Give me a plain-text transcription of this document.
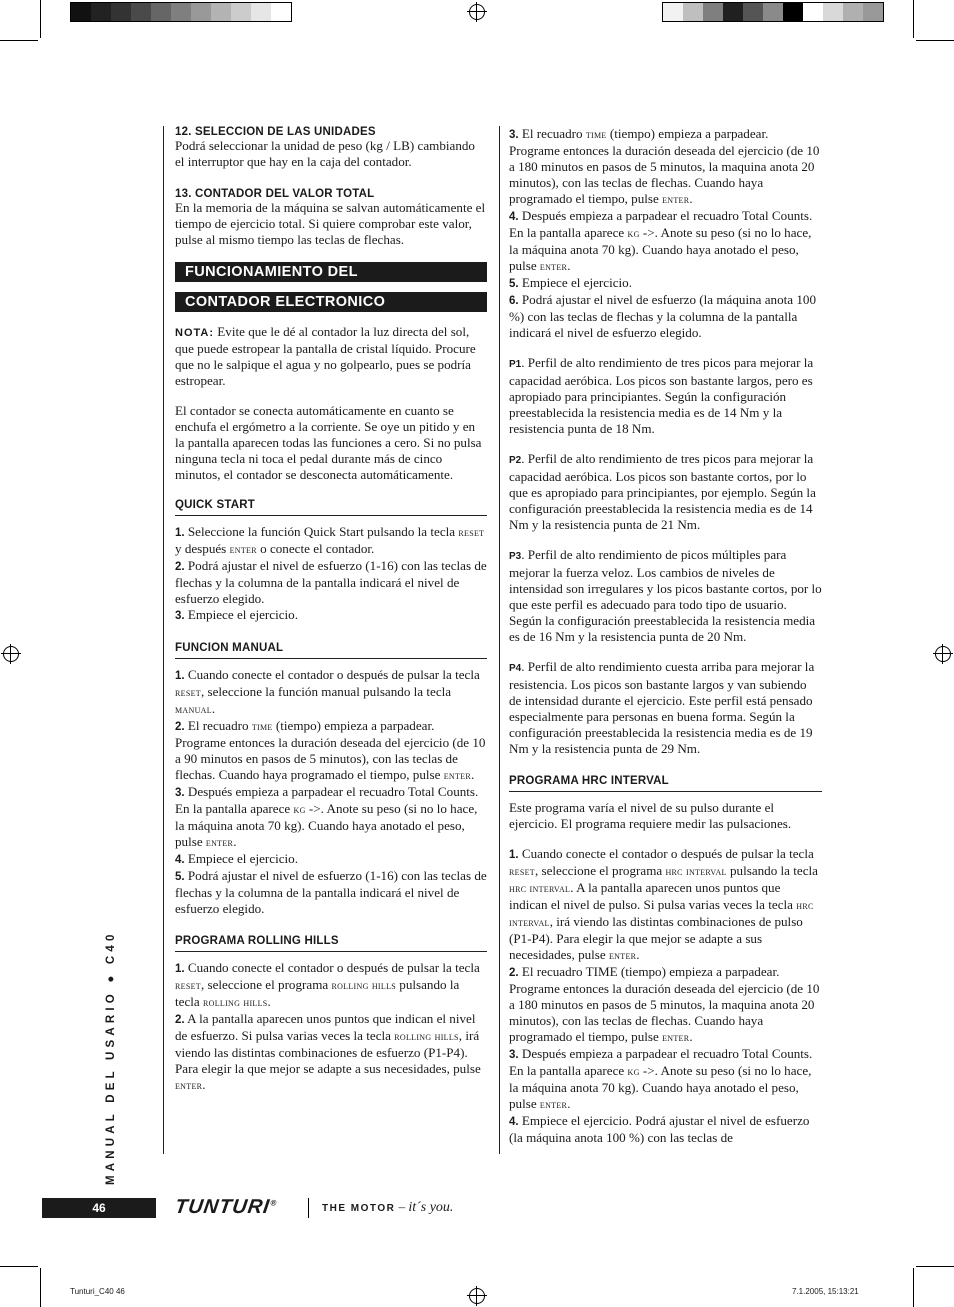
12. SELECCION DE LAS UNIDADES

Podrá seleccionar la unidad de peso (kg / LB) cambiando el interruptor que hay en la caja del contador.

13. CONTADOR DEL VALOR TOTAL

En la memoria de la máquina se salvan automáticamente el tiempo de ejercicio total. Si quiere comprobar este valor, pulse al mismo tiempo las teclas de flechas.

FUNCIONAMIENTO DEL
CONTADOR ELECTRONICO

NOTA: Evite que le dé al contador la luz directa del sol, que puede estropear la pantalla de cristal líquido. Procure que no le salpique el agua y no golpearlo, pues se podría estropear.

El contador se conecta automáticamente en cuanto se enchufa el ergómetro a la corriente. Se oye un pitido y en la pantalla aparecen todas las funciones a cero. Si no pulsa ninguna tecla ni toca el pedal durante más de cinco minutos, el contador se desconecta automáticamente.

QUICK START

1. Seleccione la función Quick Start pulsando la tecla reset y después enter o conecte el contador.

2. Podrá ajustar el nivel de esfuerzo (1-16) con las teclas de flechas y la columna de la pantalla indicará el nivel de esfuerzo elegido.

3. Empiece el ejercicio.

FUNCION MANUAL

1. Cuando conecte el contador o después de pulsar la tecla reset, seleccione la función manual pulsando la tecla manual.

2. El recuadro time (tiempo) empieza a parpadear. Programe entonces la duración deseada del ejercicio (de 10 a 90 minutos en pasos de 5 minutos), con las teclas de flechas. Cuando haya programado el tiempo, pulse enter.

3. Después empieza a parpadear el recuadro Total Counts. En la pantalla aparece kg ->. Anote su peso (si no lo hace, la máquina anota 70 kg). Cuando haya anotado el peso, pulse enter.

4. Empiece el ejercicio.

5. Podrá ajustar el nivel de esfuerzo (1-16) con las teclas de flechas y la columna de la pantalla indicará el nivel de esfuerzo elegido.

PROGRAMA ROLLING HILLS

1. Cuando conecte el contador o después de pulsar la tecla reset, seleccione el programa rolling hills pulsando la tecla rolling hills.

2. A la pantalla aparecen unos puntos que indican el nivel de esfuerzo. Si pulsa varias veces la tecla rolling hills, irá viendo las distintas combinaciones de esfuerzo (P1-P4). Para elegir la que mejor se adapte a sus necesidades, pulse enter.

3. El recuadro time (tiempo) empieza a parpadear. Programe entonces la duración deseada del ejercicio (de 10 a 180 minutos en pasos de 5 minutos, la maquina anota 20 minutos), con las teclas de flechas. Cuando haya programado el tiempo, pulse enter.

4. Después empieza a parpadear el recuadro Total Counts. En la pantalla aparece kg ->. Anote su peso (si no lo hace, la máquina anota 70 kg). Cuando haya anotado el peso, pulse enter.

5. Empiece el ejercicio.

6. Podrá ajustar el nivel de esfuerzo (la máquina anota 100 %) con las teclas de flechas y la columna de la pantalla indicará el nivel de esfuerzo elegido.

P1. Perfil de alto rendimiento de tres picos para mejorar la capacidad aeróbica. Los picos son bastante largos, pero es apropiado para principiantes. Según la configuración preestablecida la resistencia media es de 14 Nm y la resistencia punta de 18 Nm.

P2. Perfil de alto rendimiento de tres picos para mejorar la capacidad aeróbica. Los picos son bastante cortos, por lo que es apropiado para principiantes, por ejemplo. Según la configuración preestablecida la resistencia media es de 14 Nm y la resistencia punta de 21 Nm.

P3. Perfil de alto rendimiento de picos múltiples para mejorar la fuerza veloz. Los cambios de niveles de intensidad son irregulares y los picos bastante cortos, por lo que este perfil es adecuado para todo tipo de usuario. Según la configuración preestablecida la resistencia media es de 16 Nm y la resistencia punta de 20 Nm.

P4. Perfil de alto rendimiento cuesta arriba para mejorar la resistencia. Los picos son bastante largos y van subiendo de intensidad durante el ejercicio. Este perfil está pensado especialmente para personas en buena forma. Según la configuración preestablecida la resistencia media es de 19 Nm y la resistencia punta de 29 Nm.

PROGRAMA HRC INTERVAL

Este programa varía el nivel de su pulso durante el ejercicio. El programa requiere medir las pulsaciones.

1. Cuando conecte el contador o después de pulsar la tecla reset, seleccione el programa hrc interval pulsando la tecla hrc interval. A la pantalla aparecen unos puntos que indican el nivel de pulso. Si pulsa varias veces la tecla hrc interval, irá viendo las distintas combinaciones de pulso (P1-P4). Para elegir la que mejor se adapte a sus necesidades, pulse enter.

2. El recuadro TIME (tiempo) empieza a parpadear. Programe entonces la duración deseada del ejercicio (de 10 a 180 minutos en pasos de 5 minutos, la maquina anota 20 minutos), con las teclas de flechas. Cuando haya programado el tiempo, pulse enter.

3. Después empieza a parpadear el recuadro Total Counts. En la pantalla aparece kg ->. Anote su peso (si no lo hace, la máquina anota 70 kg). Cuando haya anotado el peso, pulse enter.

4. Empiece el ejercicio. Podrá ajustar el nivel de esfuerzo (la máquina anota 100 %) con las teclas de

MANUAL DEL USARIO ● C40
46	TUNTURI®
THE MOTOR – it´s you.
Tunturi_C40 46	7.1.2005, 15:13:21
